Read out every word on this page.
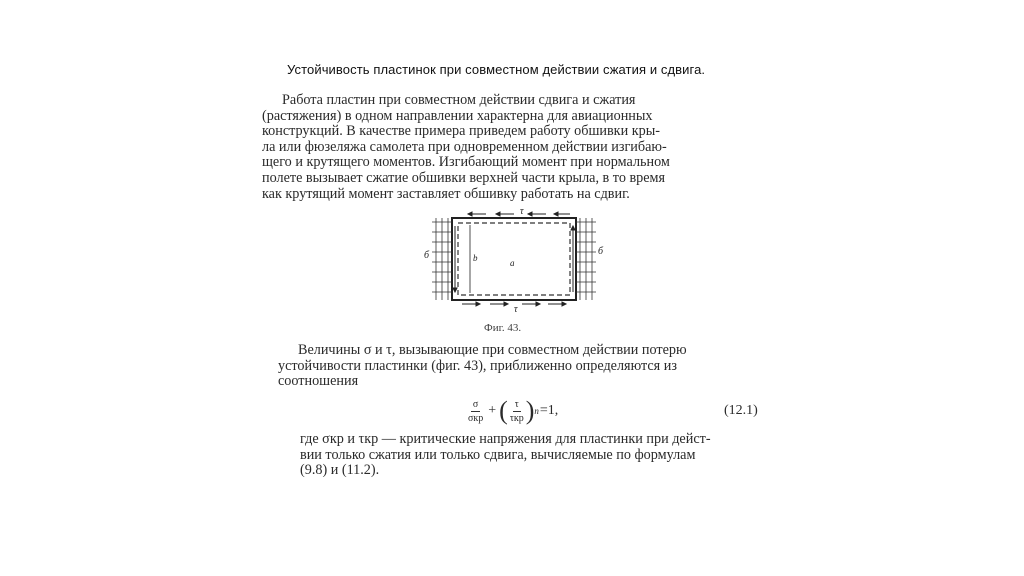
Устойчивость пластинок при совместном действии сжатия и сдвига.
Работа пластин при совместном действии сдвига и сжатия
(растяжения) в одном направлении характерна для авиационных
конструкций. В качестве примера приведем работу обшивки кры-
ла или фюзеляжа самолета при одновременном действии изгибаю-
щего и крутящего моментов. Изгибающий момент при нормальном
полете вызывает сжатие обшивки верхней части крыла, в то время
как крутящий момент заставляет обшивку работать на сдвиг.
τ
τ
б	б
b	a
Фиг. 43.
Величины σ и τ, вызывающие при совместном действии потерю
устойчивости пластинки (фиг. 43), приближенно определяются из
соотношения
$\frac{\sigma}{\text{σкр}}$ + ( $\frac{\tau}{\text{τкр}}$ ) n =1,	(12.1)
где σкр и τкр — критические напряжения для пластинки при дейст-
вии только сжатия или только сдвига, вычисляемые по формулам
(9.8) и (11.2).
